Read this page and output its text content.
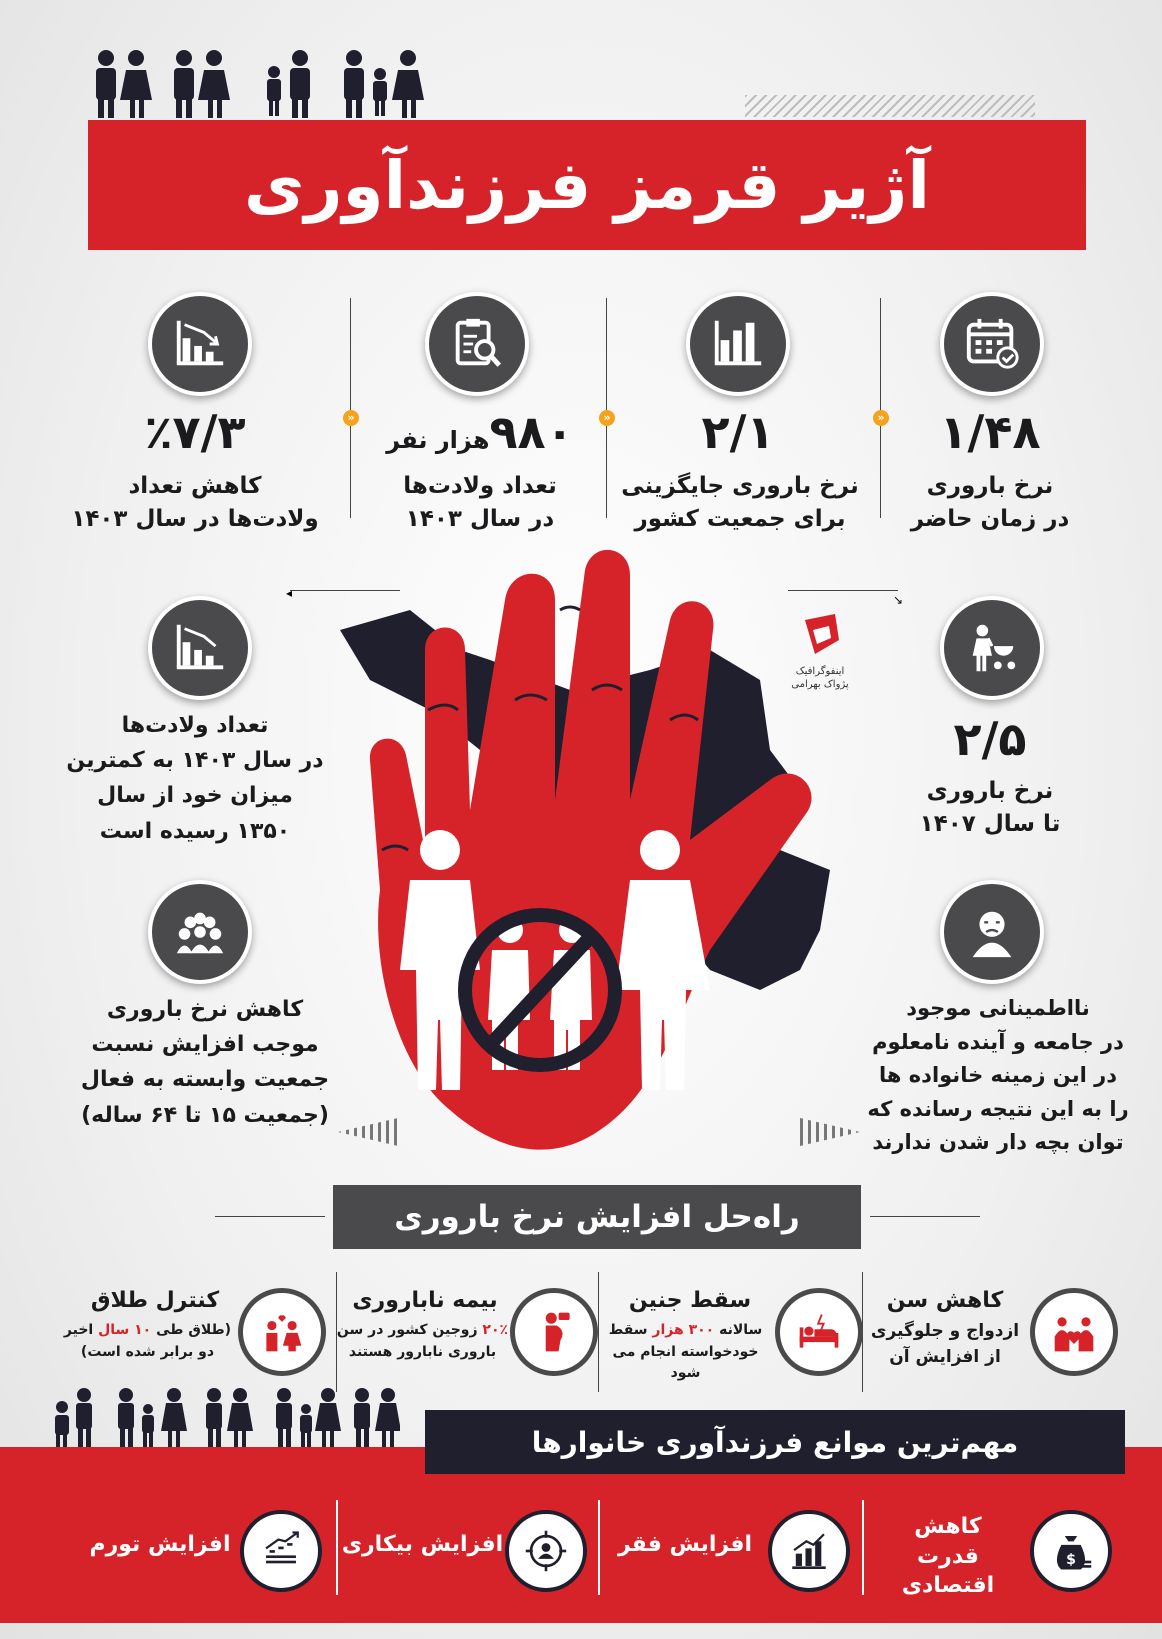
آژیر قرمز فرزندآوری
»
»
»	۱/۴۸
نرخ باروری
در زمان حاضر
۲/۱
نرخ باروری جایگزینی
برای جمعیت کشور
۹۸۰هزار نفر
تعداد ولادت‌ها
در سال ۱۴۰۳
٪۷/۳
کاهش تعداد
ولادت‌ها در سال ۱۴۰۳
◂	↘
اینفوگرافیک
پژواک بهرامی
تعداد ولادت‌ها
در سال ۱۴۰۳ به کمترین
میزان خود از سال
۱۳۵۰ رسیده است
کاهش نرخ باروری
موجب افزایش نسبت
جمعیت وابسته به فعال
(جمعیت ۱۵ تا ۶۴ ساله)
۲/۵
نرخ باروری
تا سال ۱۴۰۷
نااطمینانی موجود
در جامعه و آینده نامعلوم
در این زمینه خانواده ها
را به این نتیجه رسانده که
توان بچه دار شدن ندارند
راه‌حل افزایش نرخ باروری
کاهش سن
ازدواج و جلوگیری
از افزایش آن
سقط جنین
سالانه ۳۰۰ هزار سقط
خودخواسته انجام می شود
بیمه ناباروری
۲۰٪ زوجین کشور در سن
باروری نابارور هستند
کنترل طلاق
(طلاق طی ۱۰ سال اخیر
دو برابر شده است)
مهم‌ترین موانع فرزندآوری خانوارها
$
کاهش
قدرت اقتصادی
افزایش فقر
افزایش بیکاری
افزایش تورم
